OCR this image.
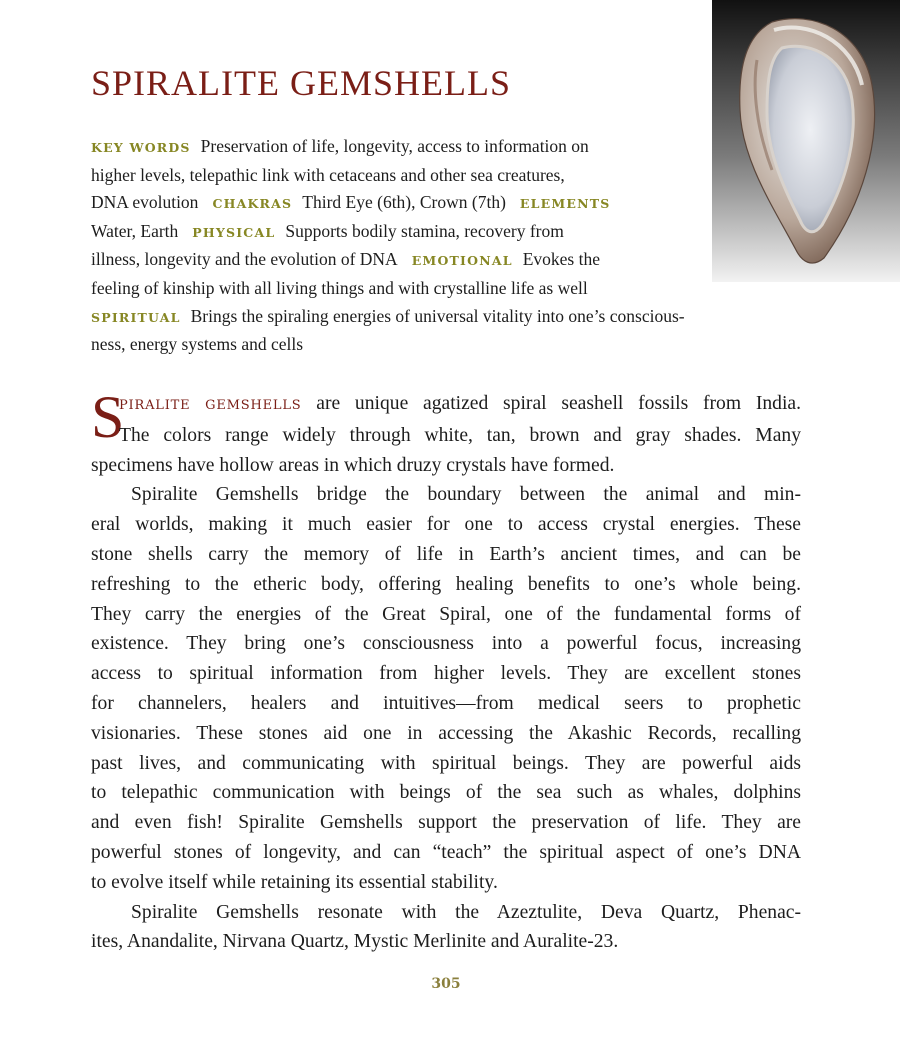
SPIRALITE GEMSHELLS
KEY WORDS Preservation of life, longevity, access to information on
higher levels, telepathic link with cetaceans and other sea creatures,
DNA evolution CHAKRAS Third Eye (6th), Crown (7th) ELEMENTS
Water, Earth PHYSICAL Supports bodily stamina, recovery from
illness, longevity and the evolution of DNA EMOTIONAL Evokes the
feeling of kinship with all living things and with crystalline life as well
SPIRITUAL Brings the spiraling energies of universal vitality into one’s conscious-
ness, energy systems and cells
S
PIRALITE GEMSHELLS are unique agatized spiral seashell fossils from India.
The colors range widely through white, tan, brown and gray shades. Many
specimens have hollow areas in which druzy crystals have formed.
Spiralite Gemshells bridge the boundary between the animal and min-
eral worlds, making it much easier for one to access crystal energies. These
stone shells carry the memory of life in Earth’s ancient times, and can be
refreshing to the etheric body, offering healing benefits to one’s whole being.
They carry the energies of the Great Spiral, one of the fundamental forms of
existence. They bring one’s consciousness into a powerful focus, increasing
access to spiritual information from higher levels. They are excellent stones
for channelers, healers and intuitives—from medical seers to prophetic
visionaries. These stones aid one in accessing the Akashic Records, recalling
past lives, and communicating with spiritual beings. They are powerful aids
to telepathic communication with beings of the sea such as whales, dolphins
and even fish! Spiralite Gemshells support the preservation of life. They are
powerful stones of longevity, and can “teach” the spiritual aspect of one’s DNA
to evolve itself while retaining its essential stability.
Spiralite Gemshells resonate with the Azeztulite, Deva Quartz, Phenac-
ites, Anandalite, Nirvana Quartz, Mystic Merlinite and Auralite-23.
305
